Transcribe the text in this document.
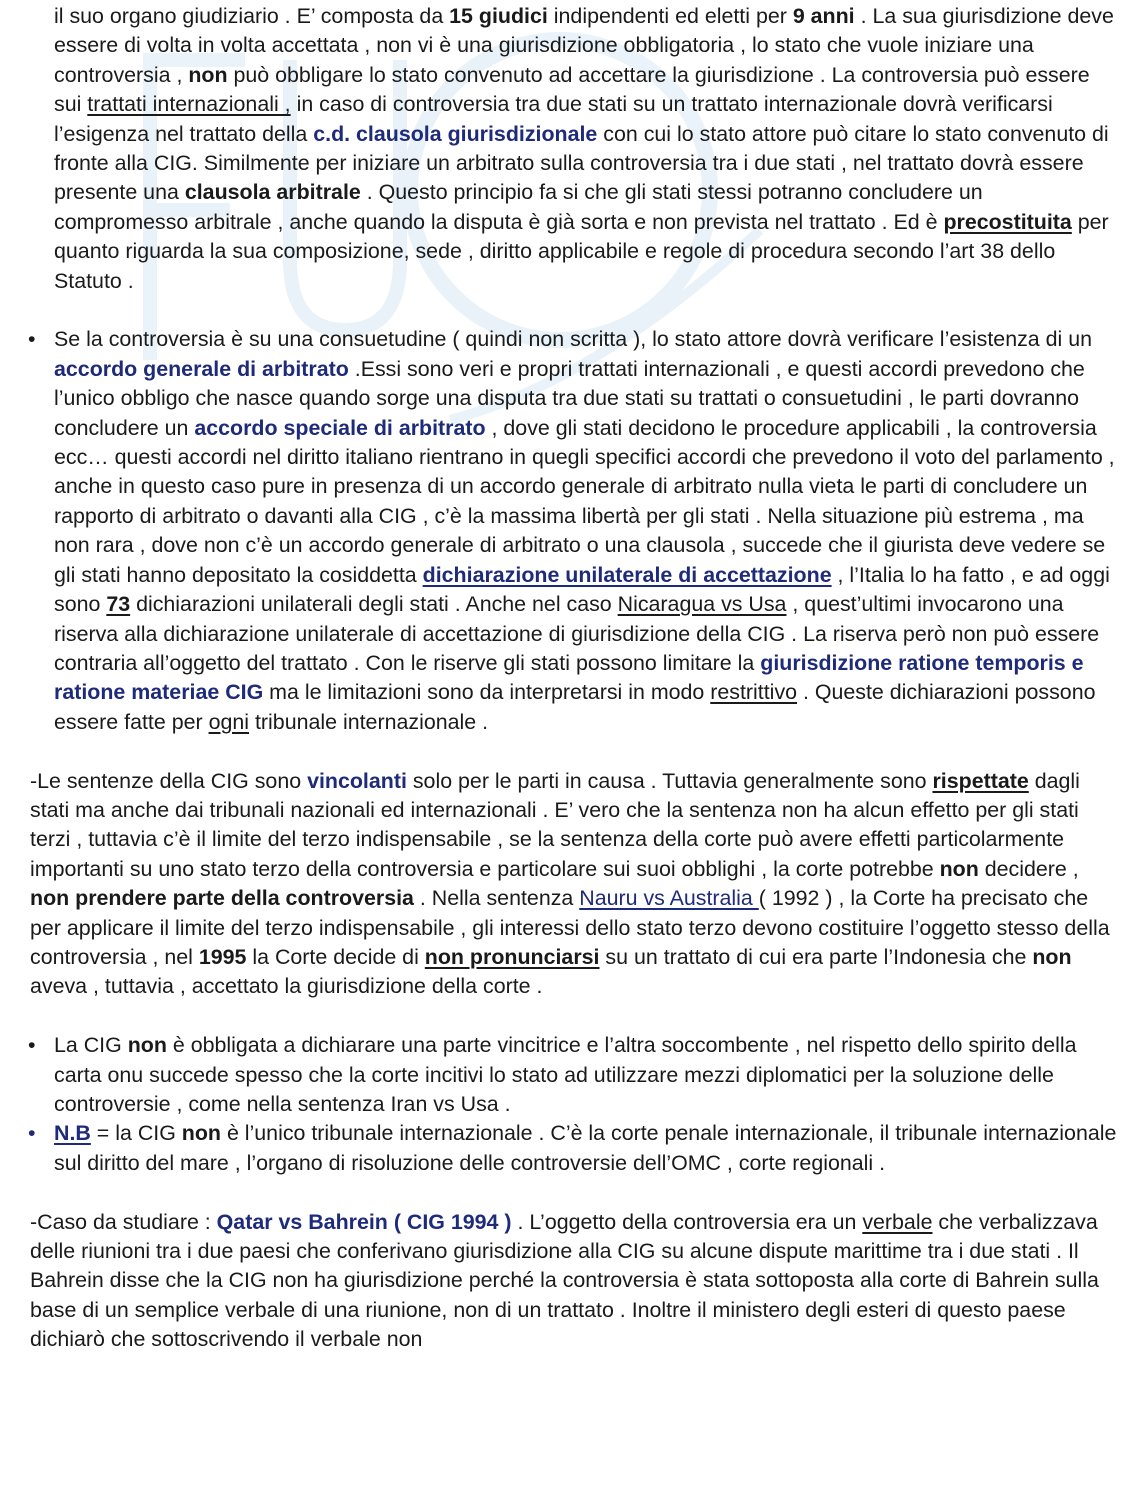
il suo organo giudiziario . E’ composta da 15 giudici indipendenti ed eletti per 9 anni . La sua giurisdizione deve essere di volta in volta accettata , non vi è una giurisdizione obbligatoria , lo stato che vuole iniziare una controversia , non può obbligare lo stato convenuto ad accettare la giurisdizione . La controversia può essere sui trattati internazionali , in caso di controversia tra due stati su un trattato internazionale dovrà verificarsi l’esigenza nel trattato della c.d. clausola giurisdizionale con cui lo stato attore può citare lo stato convenuto di fronte alla CIG. Similmente per iniziare un arbitrato sulla controversia tra i due stati , nel trattato dovrà essere presente una clausola arbitrale . Questo principio fa si che gli stati stessi potranno concludere un compromesso arbitrale , anche quando la disputa è già sorta e non prevista nel trattato . Ed è precostituita per quanto riguarda la sua composizione, sede , diritto applicabile e regole di procedura secondo l’art 38 dello Statuto .

• Se la controversia è su una consuetudine ( quindi non scritta ), lo stato attore dovrà verificare l’esistenza di un accordo generale di arbitrato .Essi sono veri e propri trattati internazionali , e questi accordi prevedono che l’unico obbligo che nasce quando sorge una disputa tra due stati su trattati o consuetudini , le parti dovranno concludere un accordo speciale di arbitrato , dove gli stati decidono le procedure applicabili , la controversia ecc… questi accordi nel diritto italiano rientrano in quegli specifici accordi che prevedono il voto del parlamento , anche in questo caso pure in presenza di un accordo generale di arbitrato nulla vieta le parti di concludere un rapporto di arbitrato o davanti alla CIG , c’è la massima libertà per gli stati . Nella situazione più estrema , ma non rara , dove non c’è un accordo generale di arbitrato o una clausola , succede che il giurista deve vedere se gli stati hanno depositato la cosiddetta dichiarazione unilaterale di accettazione , l’Italia lo ha fatto , e ad oggi sono 73 dichiarazioni unilaterali degli stati . Anche nel caso Nicaragua vs Usa , quest’ultimi invocarono una riserva alla dichiarazione unilaterale di accettazione di giurisdizione della CIG . La riserva però non può essere contraria all’oggetto del trattato . Con le riserve gli stati possono limitare la giurisdizione ratione temporis e ratione materiae CIG ma le limitazioni sono da interpretarsi in modo restrittivo . Queste dichiarazioni possono essere fatte per ogni tribunale internazionale .

-Le sentenze della CIG sono vincolanti solo per le parti in causa . Tuttavia generalmente sono rispettate dagli stati ma anche dai tribunali nazionali ed internazionali . E’ vero che la sentenza non ha alcun effetto per gli stati terzi , tuttavia c’è il limite del terzo indispensabile , se la sentenza della corte può avere effetti particolarmente importanti su uno stato terzo della controversia e particolare sui suoi obblighi , la corte potrebbe non decidere , non prendere parte della controversia . Nella sentenza Nauru vs Australia ( 1992 ) , la Corte ha precisato che per applicare il limite del terzo indispensabile , gli interessi dello stato terzo devono costituire l’oggetto stesso della controversia , nel 1995 la Corte decide di non pronunciarsi su un trattato di cui era parte l’Indonesia che non aveva , tuttavia , accettato la giurisdizione della corte .

• La CIG non è obbligata a dichiarare una parte vincitrice e l’altra soccombente , nel rispetto dello spirito della carta onu succede spesso che la corte incitivi lo stato ad utilizzare mezzi diplomatici per la soluzione delle controversie , come nella sentenza Iran vs Usa .

• N.B = la CIG non è l’unico tribunale internazionale . C’è la corte penale internazionale, il tribunale internazionale sul diritto del mare , l’organo di risoluzione delle controversie dell’OMC , corte regionali .

-Caso da studiare : Qatar vs Bahrein ( CIG 1994 ) . L’oggetto della controversia era un verbale che verbalizzava delle riunioni tra i due paesi che conferivano giurisdizione alla CIG su alcune dispute marittime tra i due stati . Il Bahrein disse che la CIG non ha giurisdizione perché la controversia è stata sottoposta alla corte di Bahrein sulla base di un semplice verbale di una riunione, non di un trattato . Inoltre il ministero degli esteri di questo paese dichiarò che sottoscrivendo il verbale non
